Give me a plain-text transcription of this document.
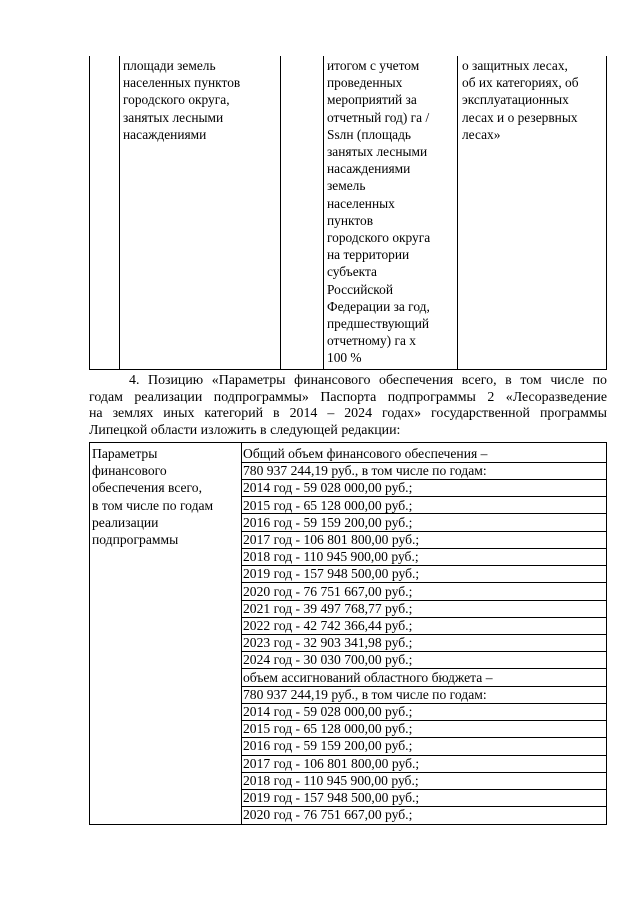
площади земель
населенных пунктов
городского округа,
занятых лесными
насаждениями
итогом с учетом
проведенных
мероприятий за
отчетный год) га /
Ѕѕлн (площадь
занятых лесными
насаждениями
земель
населенных
пунктов
городского округа
на территории
субъекта
Российской
Федерации за год,
предшествующий
отчетному) га х
100 %
о защитных лесах,
об их категориях, об
эксплуатационных
лесах и о резервных
лесах»
4. Позицию «Параметры финансового обеспечения всего, в том числе по
годам реализации подпрограммы» Паспорта подпрограммы 2 «Лесоразведение
на землях иных категорий в 2014 – 2024 годах» государственной программы
Липецкой области изложить в следующей редакции:
Параметры
финансового
обеспечения всего,
в том числе по годам
реализации
подпрограммы
Общий объем финансового обеспечения –
780 937 244,19 руб., в том числе по годам:
2014 год - 59 028 000,00 руб.;
2015 год - 65 128 000,00 руб.;
2016 год - 59 159 200,00 руб.;
2017 год - 106 801 800,00 руб.;
2018 год - 110 945 900,00 руб.;
2019 год - 157 948 500,00 руб.;
2020 год - 76 751 667,00 руб.;
2021 год - 39 497 768,77 руб.;
2022 год - 42 742 366,44 руб.;
2023 год - 32 903 341,98 руб.;
2024 год - 30 030 700,00 руб.;
объем ассигнований областного бюджета –
780 937 244,19 руб., в том числе по годам:
2014 год - 59 028 000,00 руб.;
2015 год - 65 128 000,00 руб.;
2016 год - 59 159 200,00 руб.;
2017 год - 106 801 800,00 руб.;
2018 год - 110 945 900,00 руб.;
2019 год - 157 948 500,00 руб.;
2020 год - 76 751 667,00 руб.;
